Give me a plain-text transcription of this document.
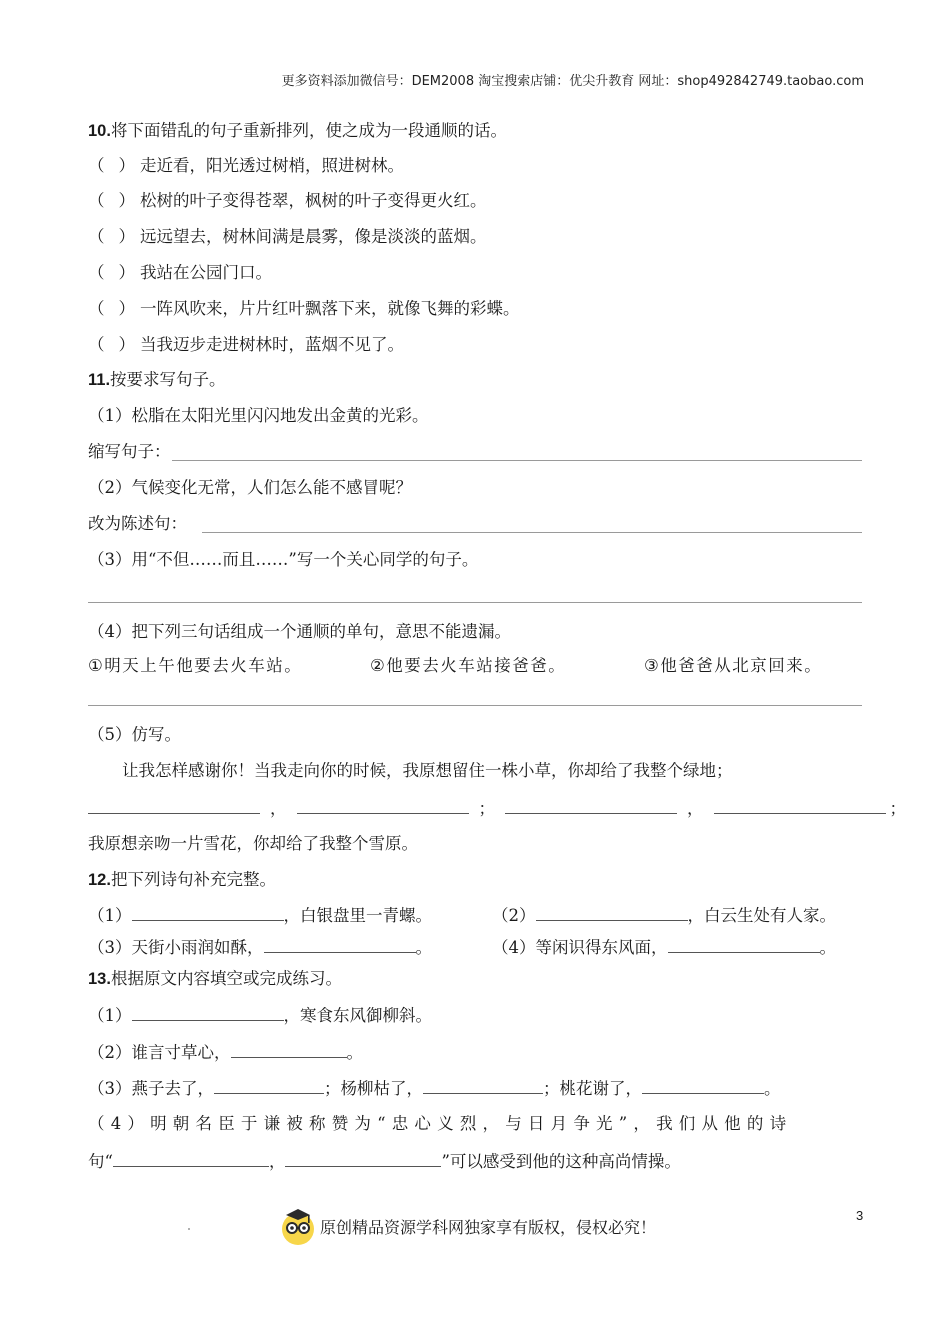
更多资料添加微信号：DEM2008 淘宝搜索店铺：优尖升教育 网址：shop492842749.taobao.com
10.将下面错乱的句子重新排列，使之成为一段通顺的话。
（ ） 走近看，阳光透过树梢，照进树林。
（ ） 松树的叶子变得苍翠，枫树的叶子变得更火红。
（ ） 远远望去，树林间满是晨雾，像是淡淡的蓝烟。
（ ） 我站在公园门口。
（ ） 一阵风吹来，片片红叶飘落下来，就像飞舞的彩蝶。
（ ） 当我迈步走进树林时，蓝烟不见了。
11.按要求写句子。
（1）松脂在太阳光里闪闪地发出金黄的光彩。
缩写句子：
（2）气候变化无常，人们怎么能不感冒呢？
改为陈述句：
（3）用“不但……而且……”写一个关心同学的句子。
（4）把下列三句话组成一个通顺的单句，意思不能遗漏。
①明天上午他要去火车站。	②他要去火车站接爸爸。	③他爸爸从北京回来。
（5）仿写。
让我怎样感谢你！当我走向你的时候，我原想留住一株小草，你却给了我整个绿地；
，	；	，	；
我原想亲吻一片雪花，你却给了我整个雪原。
12.把下列诗句补充完整。
（1）	，白银盘里一青螺。	（2）	，白云生处有人家。
（3）天街小雨润如酥，	。	（4）等闲识得东风面，	。
13.根据原文内容填空或完成练习。
（1）	，寒食东风御柳斜。
（2）谁言寸草心，	。
（3）燕子去了，	；杨柳枯了，	；桃花谢了，	。
（4）明朝名臣于谦被称赞为“忠心义烈，与日月争光”，我们从他的诗
句“	，	”可以感受到他的这种高尚情操。
原创精品资源学科网独家享有版权，侵权必究！
3
